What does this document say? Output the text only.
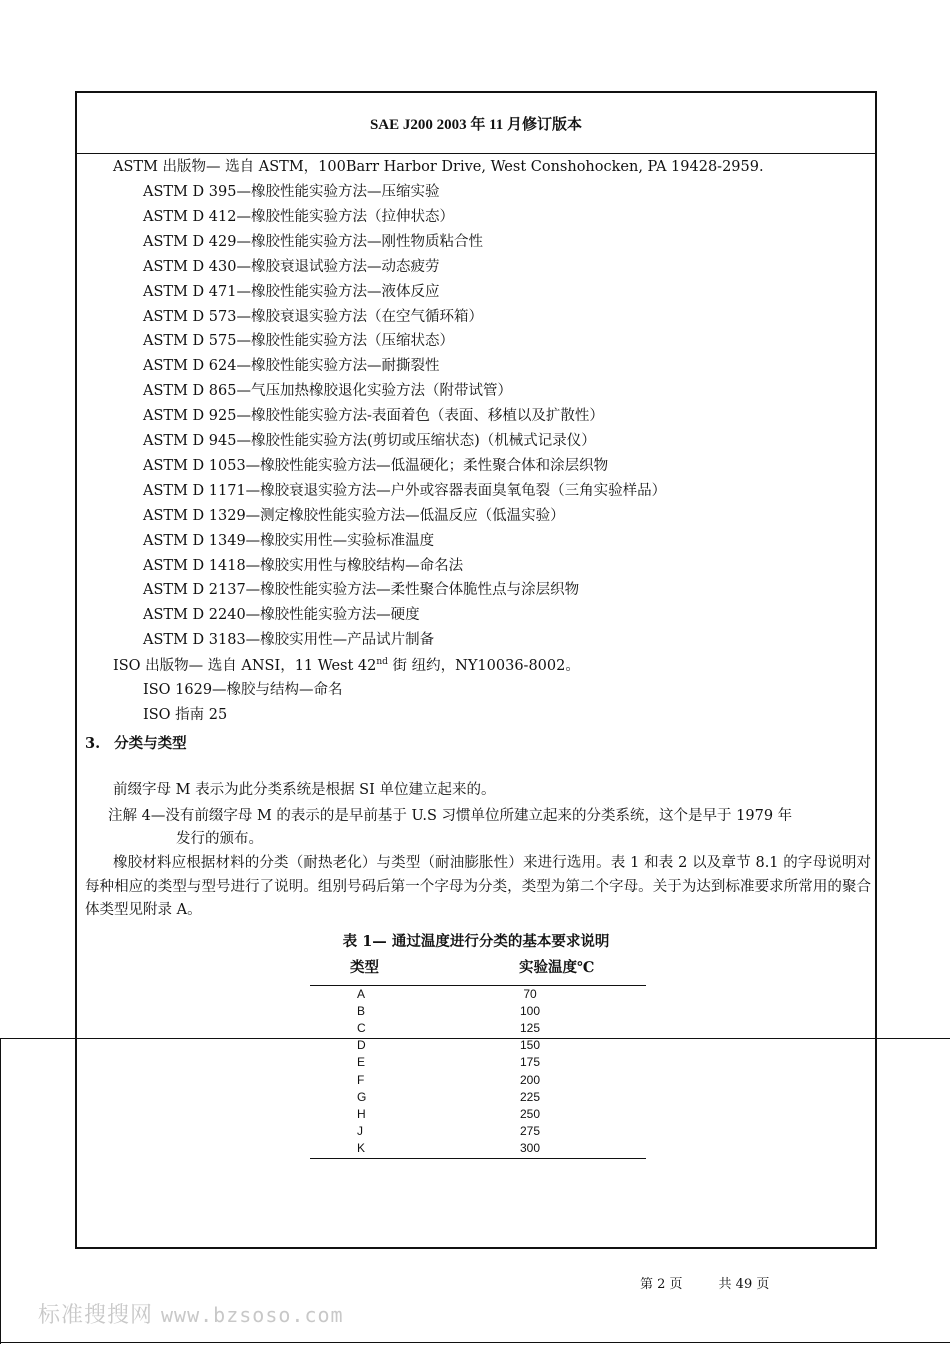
SAE J200 2003 年 11 月修订版本
ASTM 出版物— 选自 ASTM，100Barr Harbor Drive, West Conshohocken, PA 19428-2959.
ASTM D 395—橡胶性能实验方法—压缩实验
ASTM D 412—橡胶性能实验方法（拉伸状态）
ASTM D 429—橡胶性能实验方法—刚性物质粘合性
ASTM D 430—橡胶衰退试验方法—动态疲劳
ASTM D 471—橡胶性能实验方法—液体反应
ASTM D 573—橡胶衰退实验方法（在空气循环箱）
ASTM D 575—橡胶性能实验方法（压缩状态）
ASTM D 624—橡胶性能实验方法—耐撕裂性
ASTM D 865—气压加热橡胶退化实验方法（附带试管）
ASTM D 925—橡胶性能实验方法-表面着色（表面、移植以及扩散性）
ASTM D 945—橡胶性能实验方法(剪切或压缩状态)（机械式记录仪）
ASTM D 1053—橡胶性能实验方法—低温硬化；柔性聚合体和涂层织物
ASTM D 1171—橡胶衰退实验方法—户外或容器表面臭氧龟裂（三角实验样品）
ASTM D 1329—测定橡胶性能实验方法—低温反应（低温实验）
ASTM D 1349—橡胶实用性—实验标准温度
ASTM D 1418—橡胶实用性与橡胶结构—命名法
ASTM D 2137—橡胶性能实验方法—柔性聚合体脆性点与涂层织物
ASTM D 2240—橡胶性能实验方法—硬度
ASTM D 3183—橡胶实用性—产品试片制备
ISO 出版物— 选自 ANSI，11 West 42nd 街 纽约，NY10036-8002。
ISO 1629—橡胶与结构—命名
ISO 指南 25
3. 分类与类型
前缀字母 M 表示为此分类系统是根据 SI 单位建立起来的。
注解 4—没有前缀字母 M 的表示的是早前基于 U.S 习惯单位所建立起来的分类系统，这个是早于 1979 年
发行的颁布。
橡胶材料应根据材料的分类（耐热老化）与类型（耐油膨胀性）来进行选用。表 1 和表 2 以及章节 8.1 的字母说明对每种相应的类型与型号进行了说明。组别号码后第一个字母为分类，类型为第二个字母。关于为达到标准要求所常用的聚合体类型见附录 A。
表 1— 通过温度进行分类的基本要求说明
类型	实验温度℃
A	70
B	100
C	125
D	150
E	175
F	200
G	225
H	250
J	275
K	300
第 2 页	共 49 页
标准搜搜网 www.bzsoso.com
